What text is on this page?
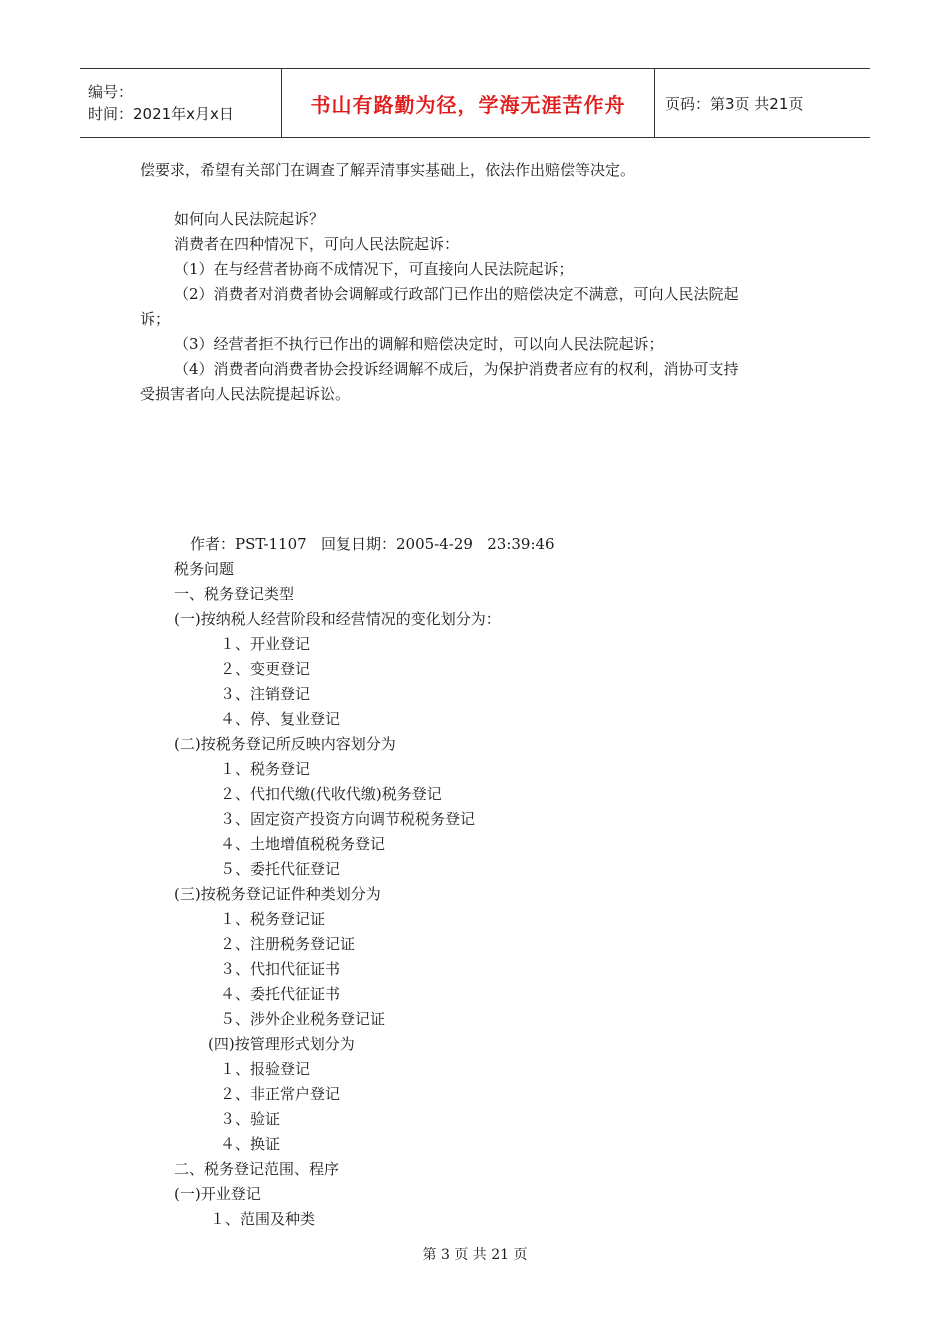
编号：
时间：2021年x月x日	书山有路勤为径，学海无涯苦作舟	页码：第3页 共21页

偿要求，希望有关部门在调查了解弄清事实基础上，依法作出赔偿等决定。

如何向人民法院起诉？

消费者在四种情况下，可向人民法院起诉：

（1）在与经营者协商不成情况下，可直接向人民法院起诉；

（2）消费者对消费者协会调解或行政部门已作出的赔偿决定不满意，可向人民法院起

诉；

（3）经营者拒不执行已作出的调解和赔偿决定时，可以向人民法院起诉；

（4）消费者向消费者协会投诉经调解不成后，为保护消费者应有的权利，消协可支持

受损害者向人民法院提起诉讼。

作者：PST-1107   回复日期：2005-4-29   23:39:46

税务问题

一、税务登记类型

(一)按纳税人经营阶段和经营情况的变化划分为：

１、开业登记

２、变更登记

３、注销登记

４、停、复业登记

(二)按税务登记所反映内容划分为

１、税务登记

２、代扣代缴(代收代缴)税务登记

３、固定资产投资方向调节税税务登记

４、土地增值税税务登记

５、委托代征登记

(三)按税务登记证件种类划分为

１、税务登记证

２、注册税务登记证

３、代扣代征证书

４、委托代征证书

５、涉外企业税务登记证

(四)按管理形式划分为

１、报验登记

２、非正常户登记

３、验证

４、换证

二、税务登记范围、程序

(一)开业登记

１、范围及种类

第 3 页 共 21 页
